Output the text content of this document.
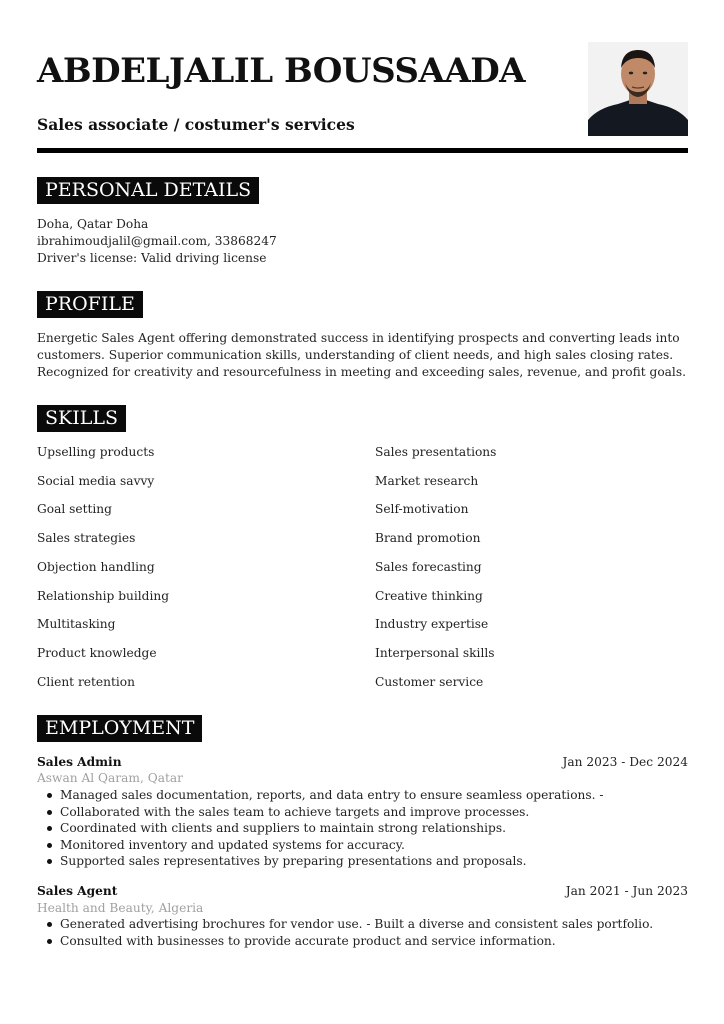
ABDELJALIL BOUSSAADA
Sales associate / costumer's services
PERSONAL DETAILS
Doha, Qatar Doha
ibrahimoudjalil@gmail.com, 33868247
Driver's license: Valid driving license
PROFILE
Energetic Sales Agent offering demonstrated success in identifying prospects and converting leads into
customers. Superior communication skills, understanding of client needs, and high sales closing rates.
Recognized for creativity and resourcefulness in meeting and exceeding sales, revenue, and profit goals.
SKILLS
Upselling products
Social media savvy
Goal setting
Sales strategies
Objection handling
Relationship building
Multitasking
Product knowledge
Client retention
Sales presentations
Market research
Self-motivation
Brand promotion
Sales forecasting
Creative thinking
Industry expertise
Interpersonal skills
Customer service
EMPLOYMENT
Sales Admin	Jan 2023 - Dec 2024
Aswan Al Qaram, Qatar
Managed sales documentation, reports, and data entry to ensure seamless operations. -
Collaborated with the sales team to achieve targets and improve processes.
Coordinated with clients and suppliers to maintain strong relationships.
Monitored inventory and updated systems for accuracy.
Supported sales representatives by preparing presentations and proposals.
Sales Agent	Jan 2021 - Jun 2023
Health and Beauty, Algeria
Generated advertising brochures for vendor use. - Built a diverse and consistent sales portfolio.
Consulted with businesses to provide accurate product and service information.
